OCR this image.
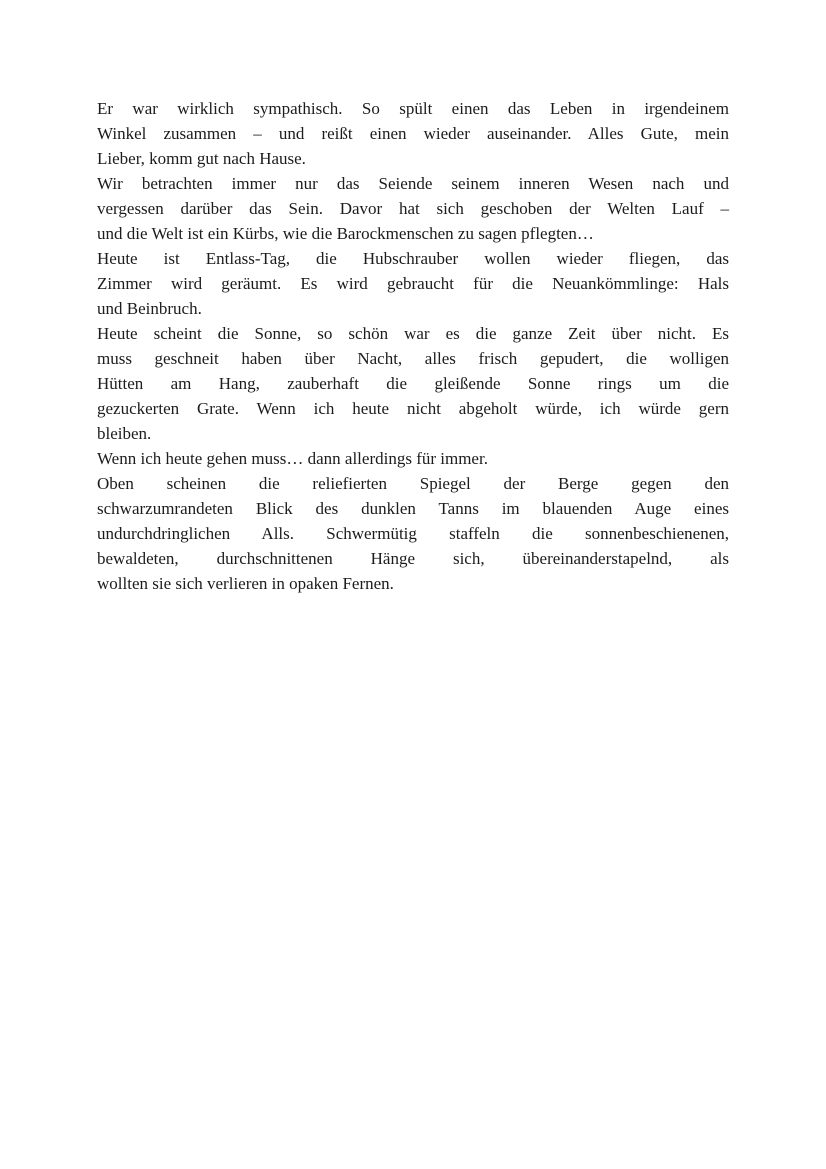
Er war wirklich sympathisch. So spült einen das Leben in irgendeinem
Winkel zusammen – und reißt einen wieder auseinander. Alles Gute, mein
Lieber, komm gut nach Hause.

Wir betrachten immer nur das Seiende seinem inneren Wesen nach und
vergessen darüber das Sein. Davor hat sich geschoben der Welten Lauf –
und die Welt ist ein Kürbs, wie die Barockmenschen zu sagen pflegten…

Heute ist Entlass-Tag, die Hubschrauber wollen wieder fliegen, das
Zimmer wird geräumt. Es wird gebraucht für die Neuankömmlinge: Hals
und Beinbruch.

Heute scheint die Sonne, so schön war es die ganze Zeit über nicht. Es
muss geschneit haben über Nacht, alles frisch gepudert, die wolligen
Hütten am Hang, zauberhaft die gleißende Sonne rings um die
gezuckerten Grate. Wenn ich heute nicht abgeholt würde, ich würde gern
bleiben.

Wenn ich heute gehen muss… dann allerdings für immer.

Oben scheinen die reliefierten Spiegel der Berge gegen den
schwarzumrandeten Blick des dunklen Tanns im blauenden Auge eines
undurchdringlichen Alls. Schwermütig staffeln die sonnenbeschienenen,
bewaldeten, durchschnittenen Hänge sich, übereinanderstapelnd, als
wollten sie sich verlieren in opaken Fernen.
